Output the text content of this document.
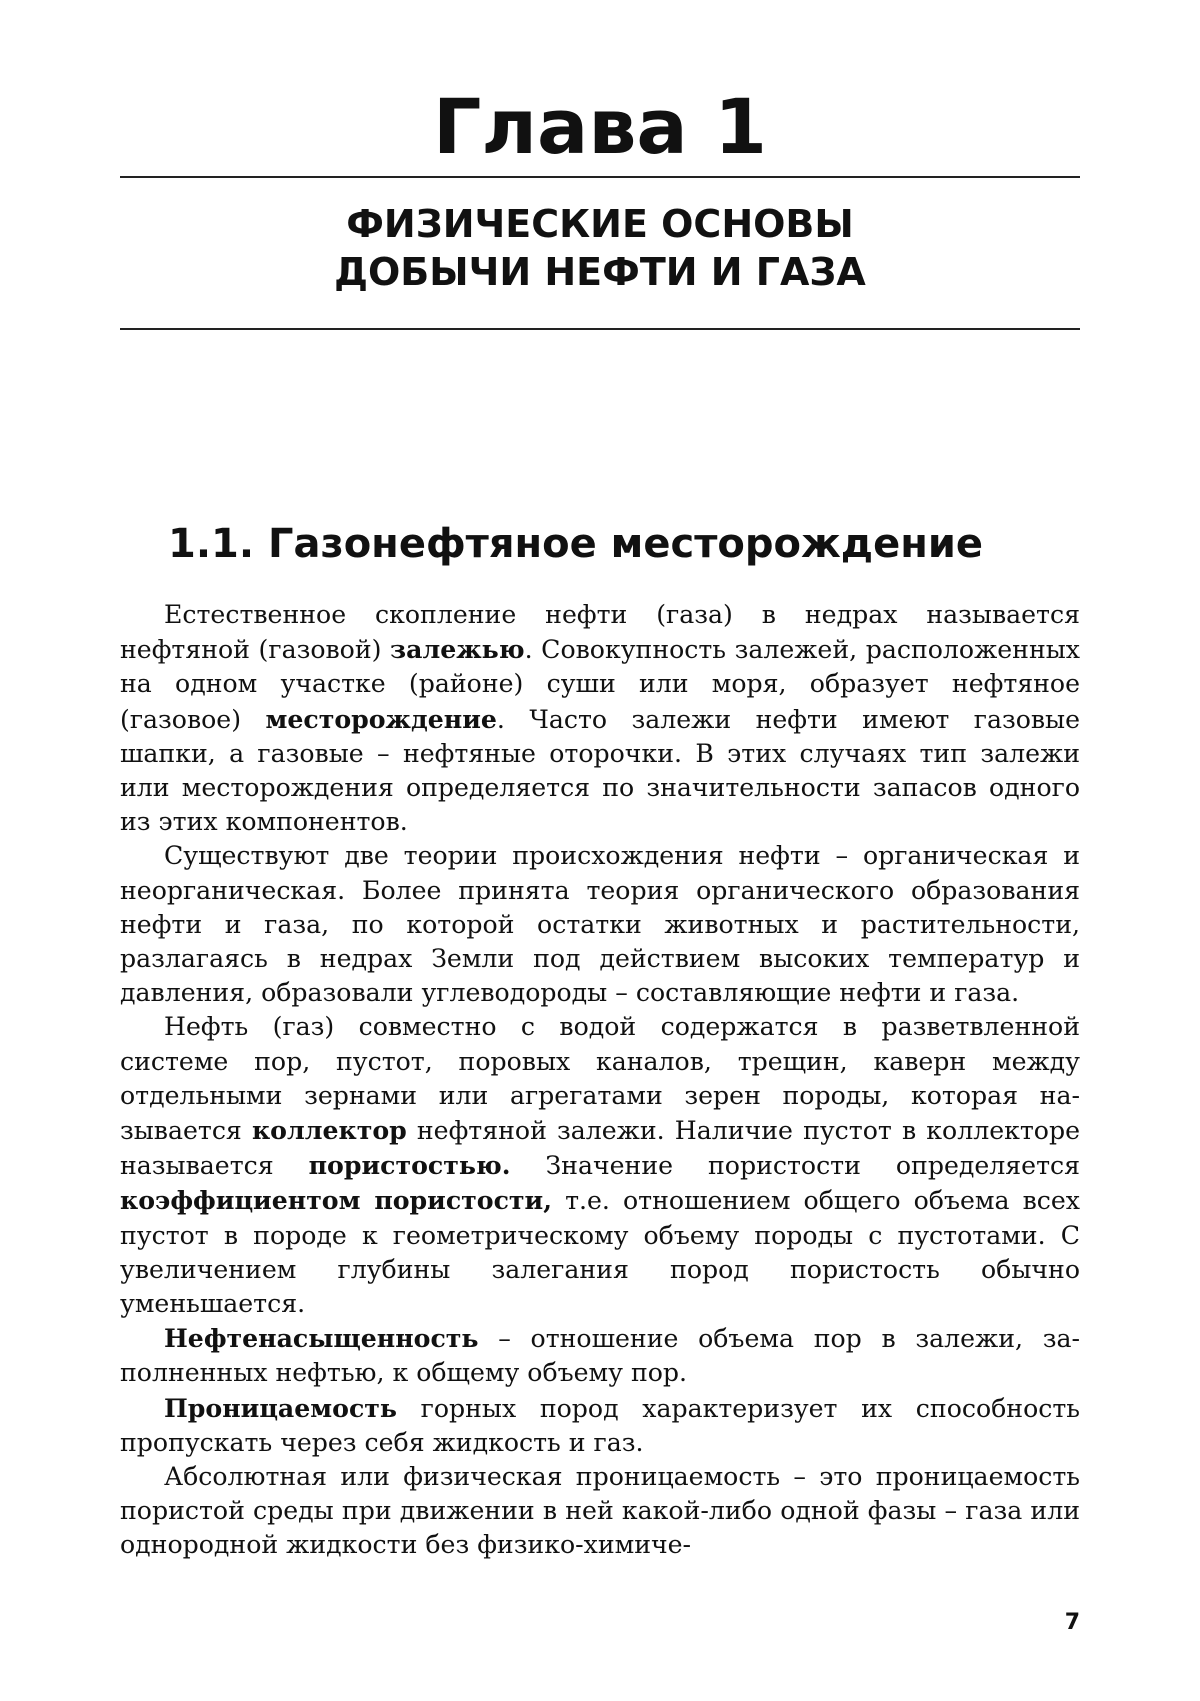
Глава 1
ФИЗИЧЕСКИЕ ОСНОВЫ
ДОБЫЧИ НЕФТИ И ГАЗА
1.1. Газонефтяное месторождение

Естественное скопление нефти (газа) в недрах называется нефтяной (газовой) залежью. Совокупность залежей, расположенных на одном участке (районе) суши или моря, образует нефтяное (газовое) месторождение. Часто залежи нефти имеют газовые шапки, а газовые – нефтяные оторочки. В этих случаях тип залежи или месторождения определяется по значительности запасов одного из этих компонентов.

Существуют две теории происхождения нефти – органическая и неорганическая. Более принята теория органического образования нефти и газа, по которой остатки животных и растительности, разлагаясь в недрах Земли под действием высоких температур и давления, образовали углеводороды – составляющие нефти и газа.

Нефть (газ) совместно с водой содержатся в разветвленной системе пор, пустот, поровых каналов, трещин, каверн между отдельными зернами или агрегатами зерен породы, которая называется коллектор нефтяной залежи. Наличие пустот в коллекторе называется пористостью. Значение пористости определяется коэффициентом пористости, т.е. отношением общего объема всех пустот в породе к геометрическому объему породы с пустотами. С увеличением глубины залегания пород пористость обычно уменьшается.

Нефтенасыщенность – отношение объема пор в залежи, заполненных нефтью, к общему объему пор.

Проницаемость горных пород характеризует их способность пропускать через себя жидкость и газ.

Абсолютная или физическая проницаемость – это проницаемость пористой среды при движении в ней какой-либо одной фазы – газа или однородной жидкости без физико-химиче-

7
